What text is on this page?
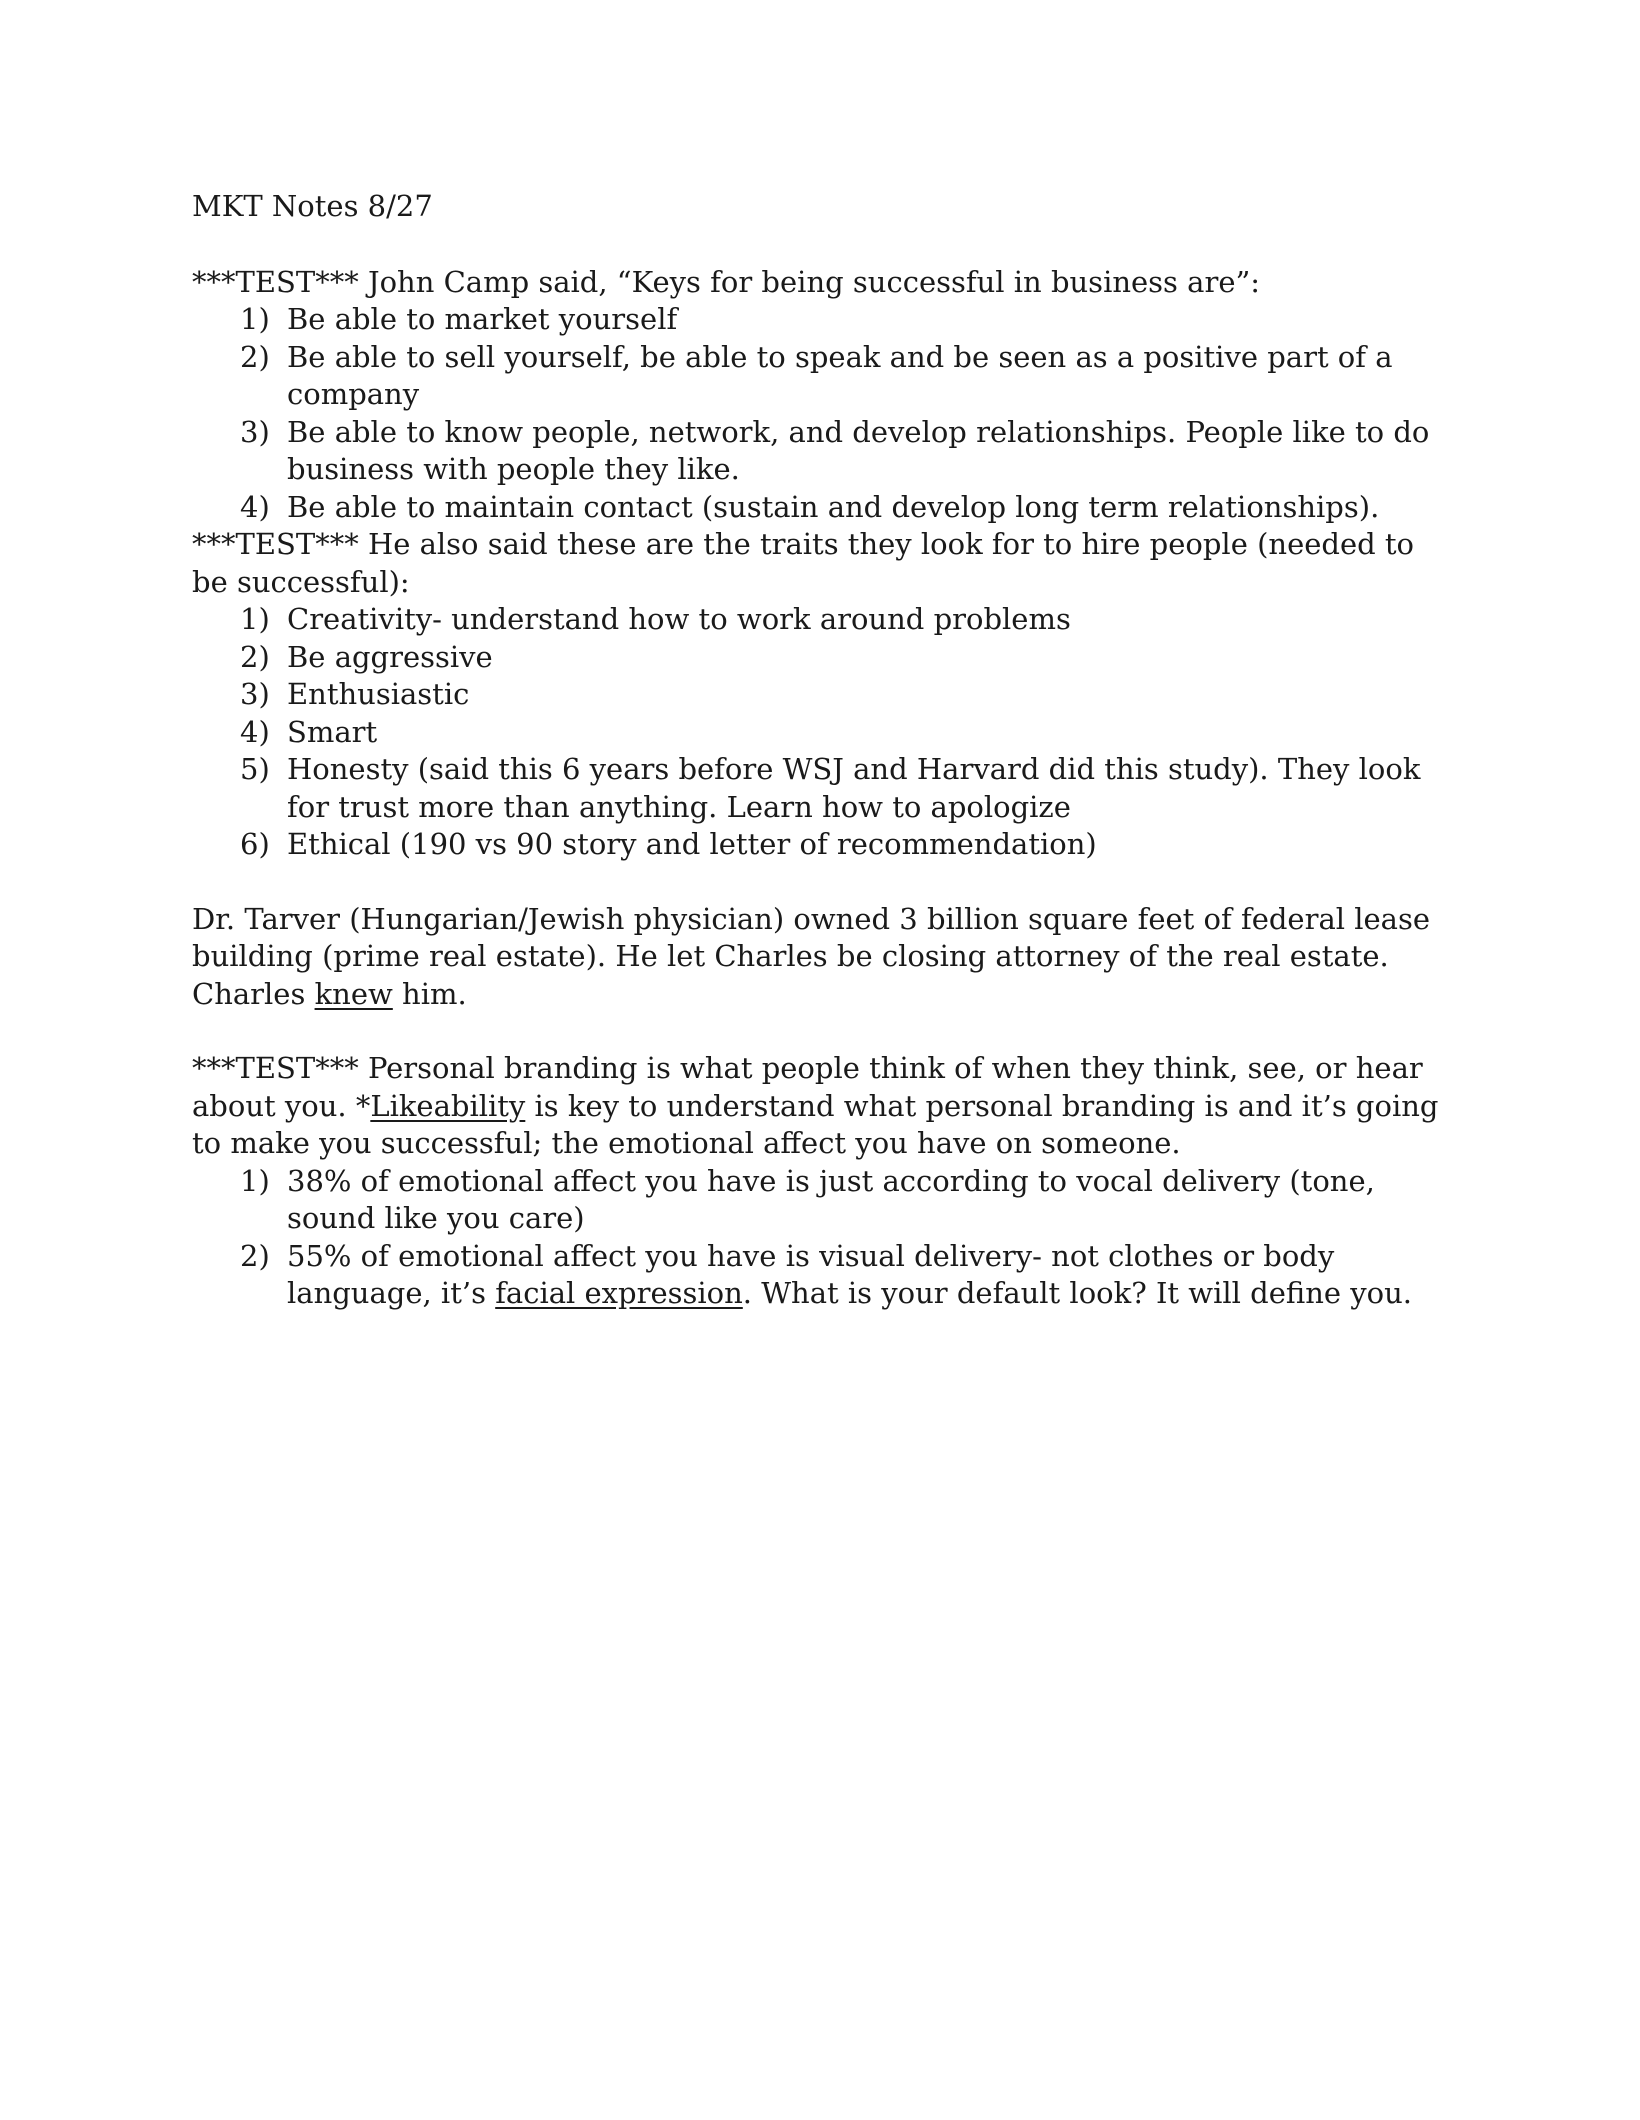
MKT Notes 8/27

***TEST*** John Camp said, “Keys for being successful in business are”:

1) Be able to market yourself
2) Be able to sell yourself, be able to speak and be seen as a positive part of a company
3) Be able to know people, network, and develop relationships. People like to do business with people they like.
4) Be able to maintain contact (sustain and develop long term relationships).

***TEST*** He also said these are the traits they look for to hire people (needed to be successful):

1) Creativity- understand how to work around problems
2) Be aggressive
3) Enthusiastic
4) Smart
5) Honesty (said this 6 years before WSJ and Harvard did this study). They look for trust more than anything. Learn how to apologize
6) Ethical (190 vs 90 story and letter of recommendation)

Dr. Tarver (Hungarian/Jewish physician) owned 3 billion square feet of federal lease building (prime real estate). He let Charles be closing attorney of the real estate. Charles knew him.

***TEST*** Personal branding is what people think of when they think, see, or hear about you. *Likeability is key to understand what personal branding is and it’s going to make you successful; the emotional affect you have on someone.

1) 38% of emotional affect you have is just according to vocal delivery (tone, sound like you care)
2) 55% of emotional affect you have is visual delivery- not clothes or body language, it’s facial expression. What is your default look? It will define you.
